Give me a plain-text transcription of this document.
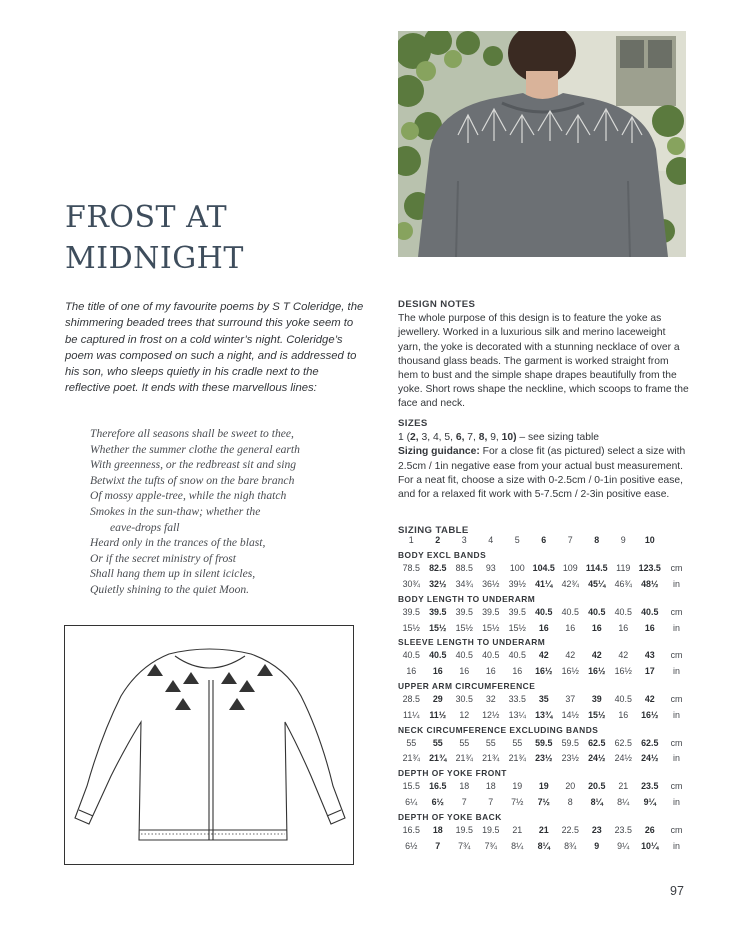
FROST AT
MIDNIGHT

The title of one of my favourite poems by S T Coleridge, the shimmering beaded trees that surround this yoke seem to be captured in frost on a cold winter’s night. Coleridge’s poem was composed on such a night, and is addressed to his son, who sleeps quietly in his cradle next to the reflective poet. It ends with these marvellous lines:

Therefore all seasons shall be sweet to thee,
Whether the summer clothe the general earth
With greenness, or the redbreast sit and sing
Betwixt the tufts of snow on the bare branch
Of mossy apple-tree, while the nigh thatch
Smokes in the sun-thaw; whether the
eave-drops fall
Heard only in the trances of the blast,
Or if the secret ministry of frost
Shall hang them up in silent icicles,
Quietly shining to the quiet Moon.
DESIGN NOTES

The whole purpose of this design is to feature the yoke as jewellery. Worked in a luxurious silk and merino laceweight yarn, the yoke is decorated with a stunning necklace of over a thousand glass beads. The garment is worked straight from hem to bust and the simple shape drapes beautifully from the yoke. Short rows shape the neckline, which scoops to frame the face and neck.

SIZES

1 (2, 3, 4, 5, 6, 7, 8, 9, 10) – see sizing table

Sizing guidance: For a close fit (as pictured) select a size with 2.5cm / 1in negative ease from your actual bust measurement. For a neat fit, choose a size with 0-2.5cm / 0-1in positive ease, and for a relaxed fit work with 5-7.5cm / 2-3in positive ease.

SIZING TABLE
1	2	3	4	5	6	7	8	9	10	
BODY EXCL BANDS										
78.5	82.5	88.5	93	100	104.5	109	114.5	119	123.5	cm

30¾	32½	34¾	36½	39½	41¼	42¾	45¼	46¾	48½	in
BODY LENGTH TO UNDERARM										
39.5	39.5	39.5	39.5	39.5	40.5	40.5	40.5	40.5	40.5	cm

15½	15½	15½	15½	15½	16	16	16	16	16	in
SLEEVE LENGTH TO UNDERARM										
40.5	40.5	40.5	40.5	40.5	42	42	42	42	43	cm

16	16	16	16	16	16½	16½	16½	16½	17	in
UPPER ARM CIRCUMFERENCE										
28.5	29	30.5	32	33.5	35	37	39	40.5	42	cm

11¼	11½	12	12½	13¼	13¾	14½	15½	16	16½	in
NECK CIRCUMFERENCE EXCLUDING BANDS										
55	55	55	55	55	59.5	59.5	62.5	62.5	62.5	cm

21¾	21¾	21¾	21¾	21¾	23½	23½	24½	24½	24½	in
DEPTH OF YOKE FRONT										
15.5	16.5	18	18	19	19	20	20.5	21	23.5	cm

6¼	6½	7	7	7½	7½	8	8¼	8¼	9¼	in
DEPTH OF YOKE BACK										
16.5	18	19.5	19.5	21	21	22.5	23	23.5	26	cm

6½	7	7¾	7¾	8¼	8¼	8¾	9	9¼	10¼	in
97
